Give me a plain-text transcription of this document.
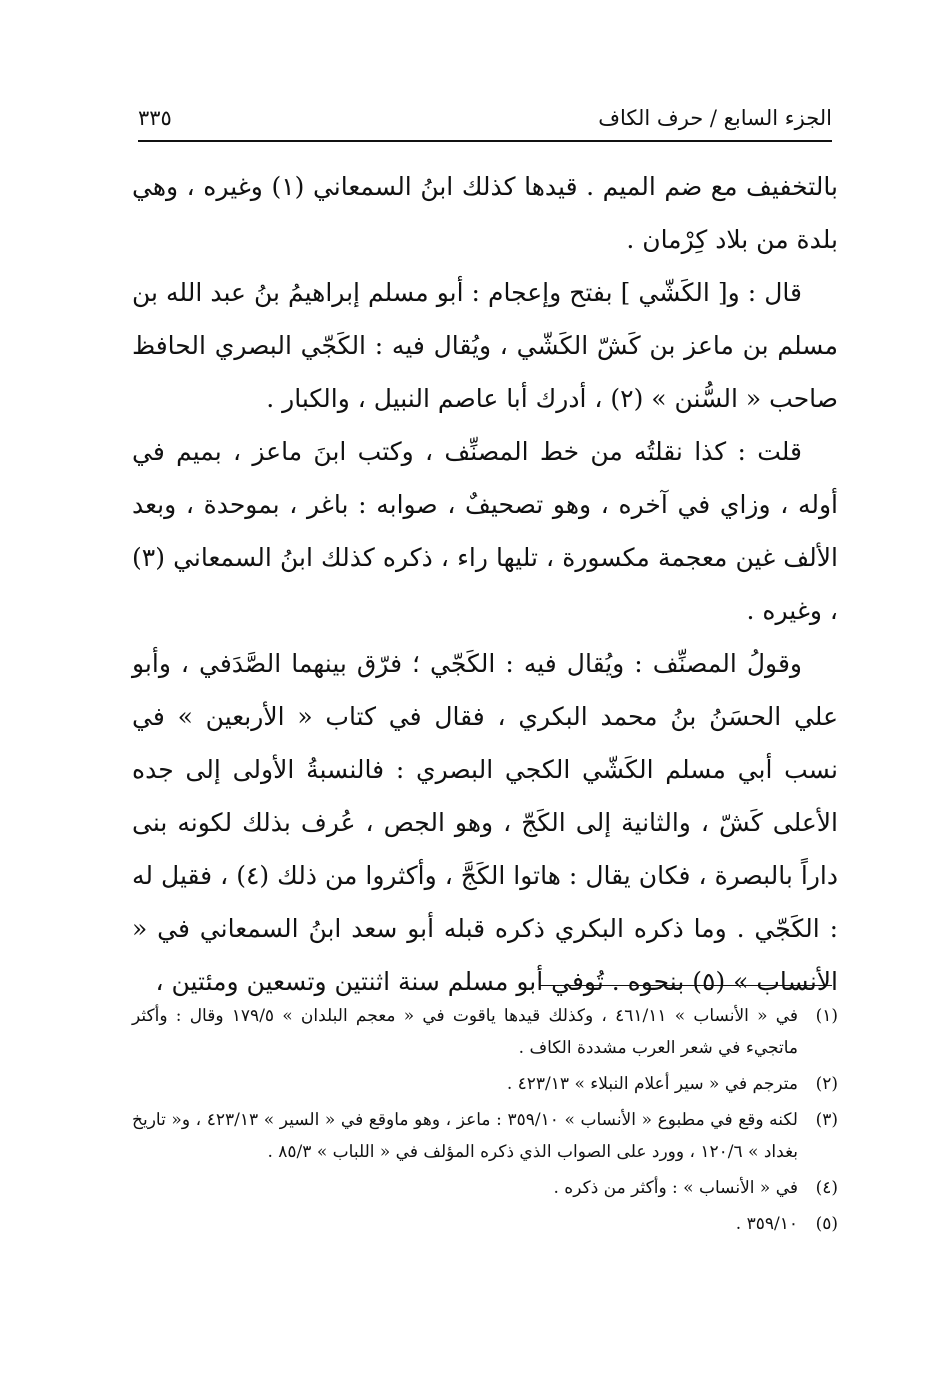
الجزء السابع / حرف الكاف
٣٣٥

بالتخفيف مع ضم الميم . قيدها كذلك ابنُ السمعاني (١) وغيره ، وهي بلدة من بلاد كِرْمان .

قال : و[ الكَشّي ] بفتح وإعجام : أبو مسلم إبراهيمُ بنُ عبد الله بن مسلم بن ماعز بن كَشّ الكَشّي ، ويُقال فيه : الكَجّي البصري الحافظ صاحب « السُّنن » (٢) ، أدرك أبا عاصم النبيل ، والكبار .

قلت : كذا نقلتُه من خط المصنِّف ، وكتب ابنَ ماعز ، بميم في أوله ، وزاي في آخره ، وهو تصحيفٌ ، صوابه : باغر ، بموحدة ، وبعد الألف غين معجمة مكسورة ، تليها راء ، ذكره كذلك ابنُ السمعاني (٣) ، وغيره .

وقولُ المصنِّف : ويُقال فيه : الكَجّي ؛ فرّق بينهما الصَّدَفي ، وأبو علي الحسَنُ بنُ محمد البكري ، فقال في كتاب « الأربعين » في نسب أبي مسلم الكَشّي الكجي البصري : فالنسبةُ الأولى إلى جده الأعلى كَشّ ، والثانية إلى الكَجّ ، وهو الجص ، عُرف بذلك لكونه بنى داراً بالبصرة ، فكان يقال : هاتوا الكَجَّ ، وأكثروا من ذلك (٤) ، فقيل له : الكَجّي . وما ذكره البكري ذكره قبله أبو سعد ابنُ السمعاني في « الأنساب » (٥) بنحوه . تُوفي أبو مسلم سنة اثنتين وتسعين ومئتين ،

(١)
في « الأنساب » ٤٦١/١١ ، وكذلك قيدها ياقوت في « معجم البلدان » ١٧٩/٥ وقال : وأكثر ماتجيء في شعر العرب مشددة الكاف .
(٢)
مترجم في « سير أعلام النبلاء » ٤٢٣/١٣ .
(٣)
لكنه وقع في مطبوع « الأنساب » ٣٥٩/١٠ : ماعز ، وهو ماوقع في « السير » ٤٢٣/١٣ ، و« تاريخ بغداد » ١٢٠/٦ ، وورد على الصواب الذي ذكره المؤلف في « اللباب » ٨٥/٣ .
(٤)
في « الأنساب » : وأكثر من ذكره .
(٥)
٣٥٩/١٠ .
